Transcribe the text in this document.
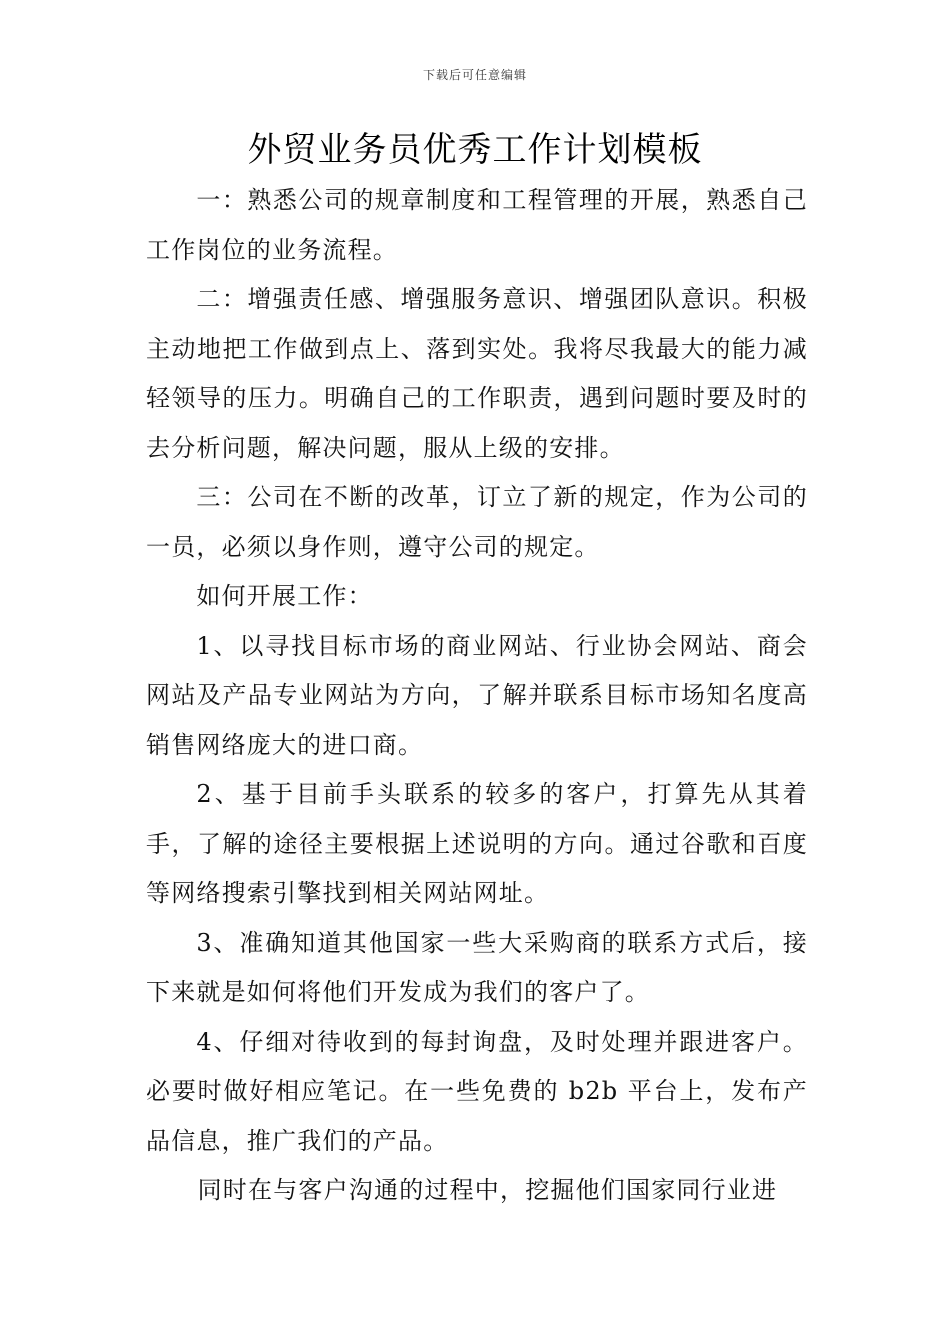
下载后可任意编辑
外贸业务员优秀工作计划模板

一：熟悉公司的规章制度和工程管理的开展，熟悉自己工作岗位的业务流程。

二：增强责任感、增强服务意识、增强团队意识。积极主动地把工作做到点上、落到实处。我将尽我最大的能力减轻领导的压力。明确自己的工作职责，遇到问题时要及时的去分析问题，解决问题，服从上级的安排。

三：公司在不断的改革，订立了新的规定，作为公司的一员，必须以身作则，遵守公司的规定。

如何开展工作：

1、以寻找目标市场的商业网站、行业协会网站、商会网站及产品专业网站为方向，了解并联系目标市场知名度高销售网络庞大的进口商。

2、基于目前手头联系的较多的客户，打算先从其着手，了解的途径主要根据上述说明的方向。通过谷歌和百度等网络搜索引擎找到相关网站网址。

3、准确知道其他国家一些大采购商的联系方式后，接下来就是如何将他们开发成为我们的客户了。

4、仔细对待收到的每封询盘，及时处理并跟进客户。必要时做好相应笔记。在一些免费的 b2b 平台上，发布产品信息，推广我们的产品。

同时在与客户沟通的过程中，挖掘他们国家同行业进
